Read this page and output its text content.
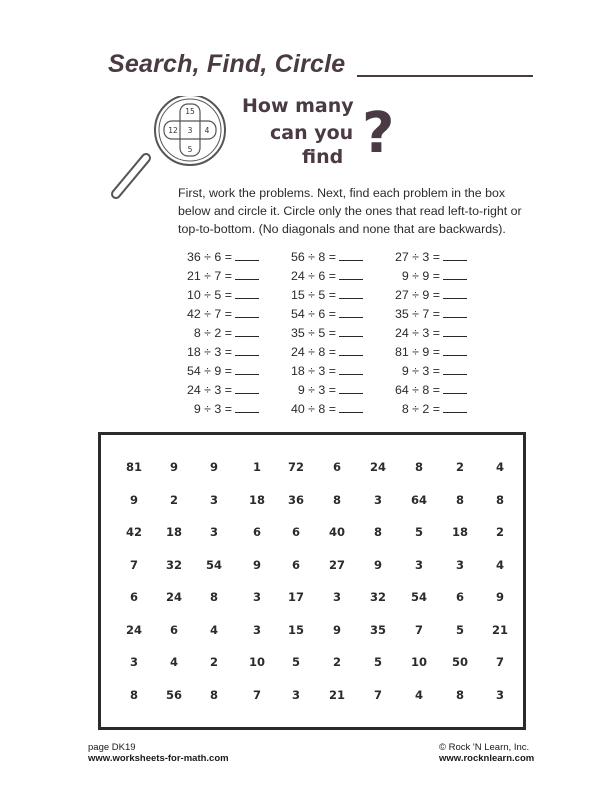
Search, Find, Circle
15
12 3 4
5
How many
can you
find ?
First, work the problems. Next, find each problem in the box below and circle it. Circle only the ones that read left-to-right or top-to-bottom. (No diagonals and none that are backwards).
36 ÷ 6 =
21 ÷ 7 =
10 ÷ 5 =
42 ÷ 7 =
8 ÷ 2 =
18 ÷ 3 =
54 ÷ 9 =
24 ÷ 3 =
9 ÷ 3 =
56 ÷ 8 =
24 ÷ 6 =
15 ÷ 5 =
54 ÷ 6 =
35 ÷ 5 =
24 ÷ 8 =
18 ÷ 3 =
9 ÷ 3 =
40 ÷ 8 =
27 ÷ 3 =
9 ÷ 9 =
27 ÷ 9 =
35 ÷ 7 =
24 ÷ 3 =
81 ÷ 9 =
9 ÷ 3 =
64 ÷ 8 =
8 ÷ 2 =
81	9	9	1	72	6	24	8	2	4
9	2	3	18	36	8	3	64	8	8
42	18	3	6	6	40	8	5	18	2
7	32	54	9	6	27	9	3	3	4
6	24	8	3	17	3	32	54	6	9
24	6	4	3	15	9	35	7	5	21
3	4	2	10	5	2	5	10	50	7
8	56	8	7	3	21	7	4	8	3
page DK19
www.worksheets-for-math.com
© Rock 'N Learn, Inc.
www.rocknlearn.com
